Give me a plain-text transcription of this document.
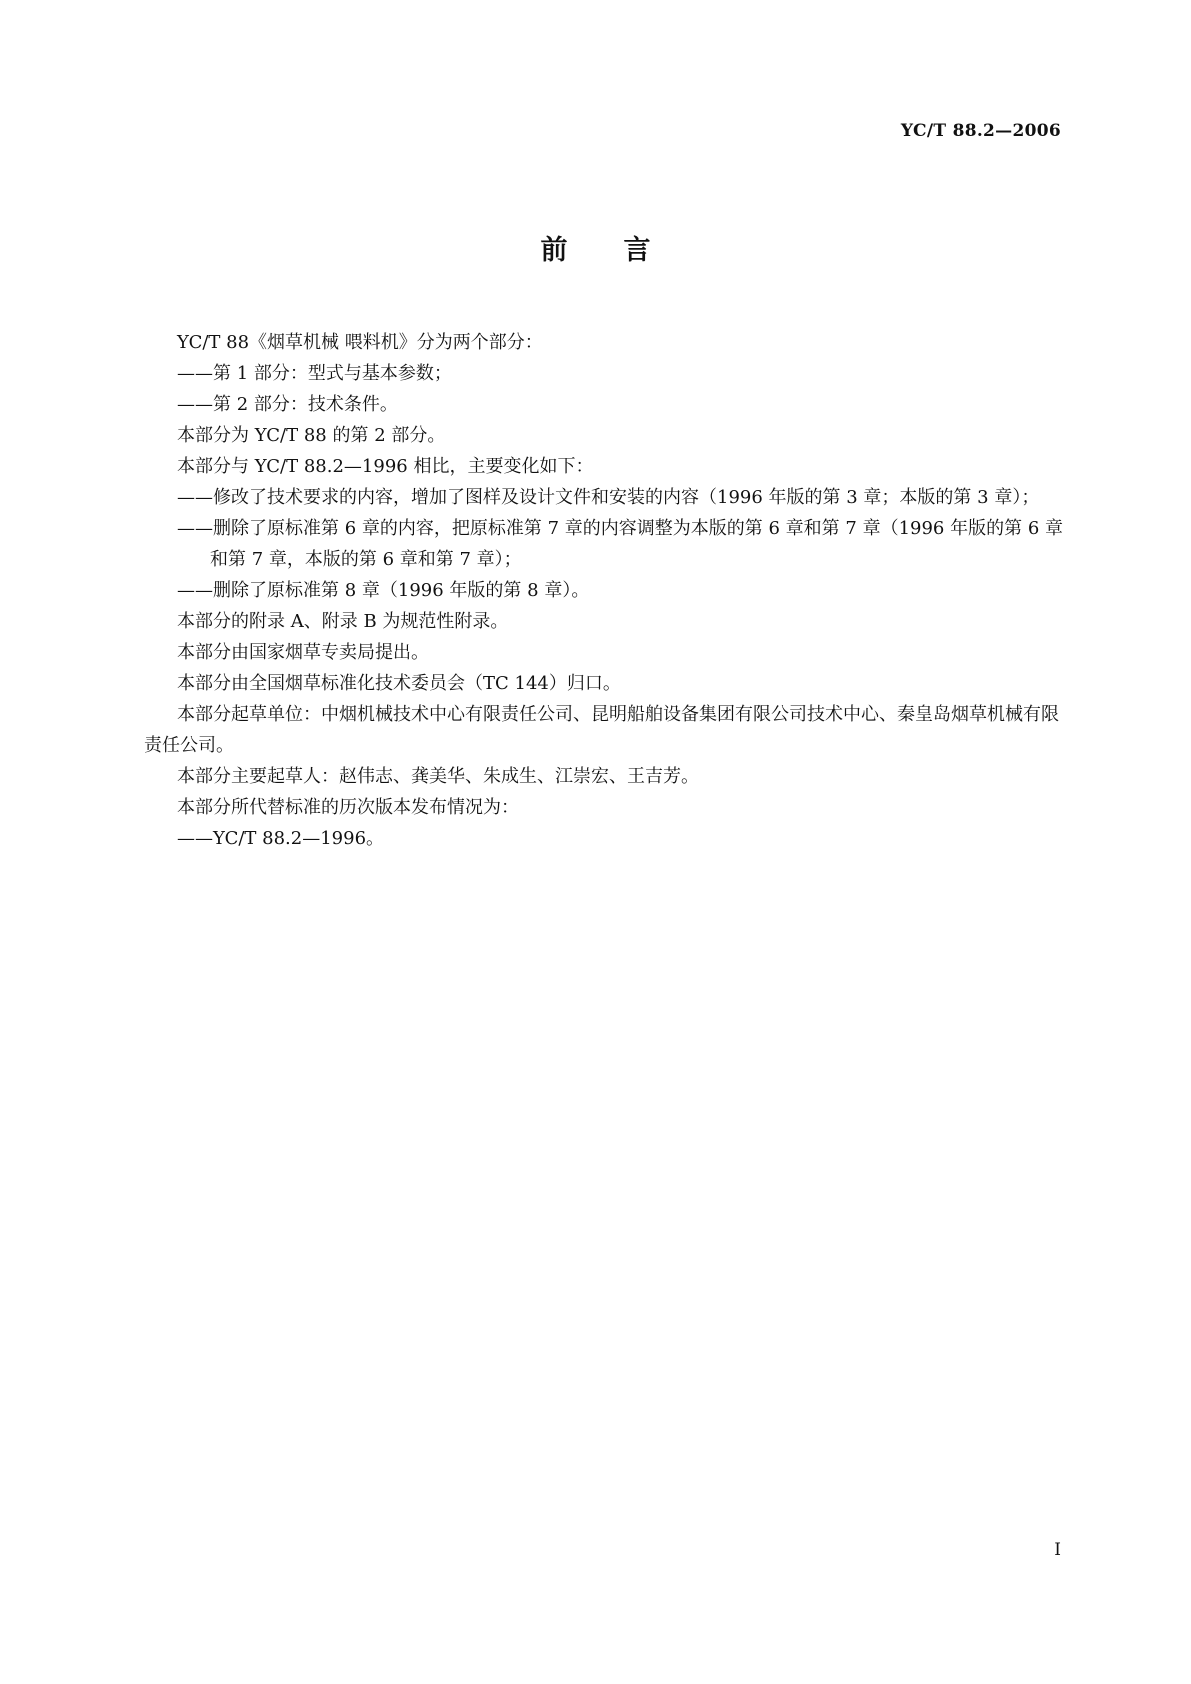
YC/T 88.2—2006
前 言

YC/T 88《烟草机械 喂料机》分为两个部分：

——第 1 部分：型式与基本参数；

——第 2 部分：技术条件。

本部分为 YC/T 88 的第 2 部分。

本部分与 YC/T 88.2—1996 相比，主要变化如下：

——修改了技术要求的内容，增加了图样及设计文件和安装的内容（1996 年版的第 3 章；本版的第 3 章）；

——删除了原标准第 6 章的内容，把原标准第 7 章的内容调整为本版的第 6 章和第 7 章（1996 年版的第 6 章和第 7 章，本版的第 6 章和第 7 章）；

——删除了原标准第 8 章（1996 年版的第 8 章）。

本部分的附录 A、附录 B 为规范性附录。

本部分由国家烟草专卖局提出。

本部分由全国烟草标准化技术委员会（TC 144）归口。

本部分起草单位：中烟机械技术中心有限责任公司、昆明船舶设备集团有限公司技术中心、秦皇岛烟草机械有限责任公司。

本部分主要起草人：赵伟志、龚美华、朱成生、江崇宏、王吉芳。

本部分所代替标准的历次版本发布情况为：

——YC/T 88.2—1996。

I
